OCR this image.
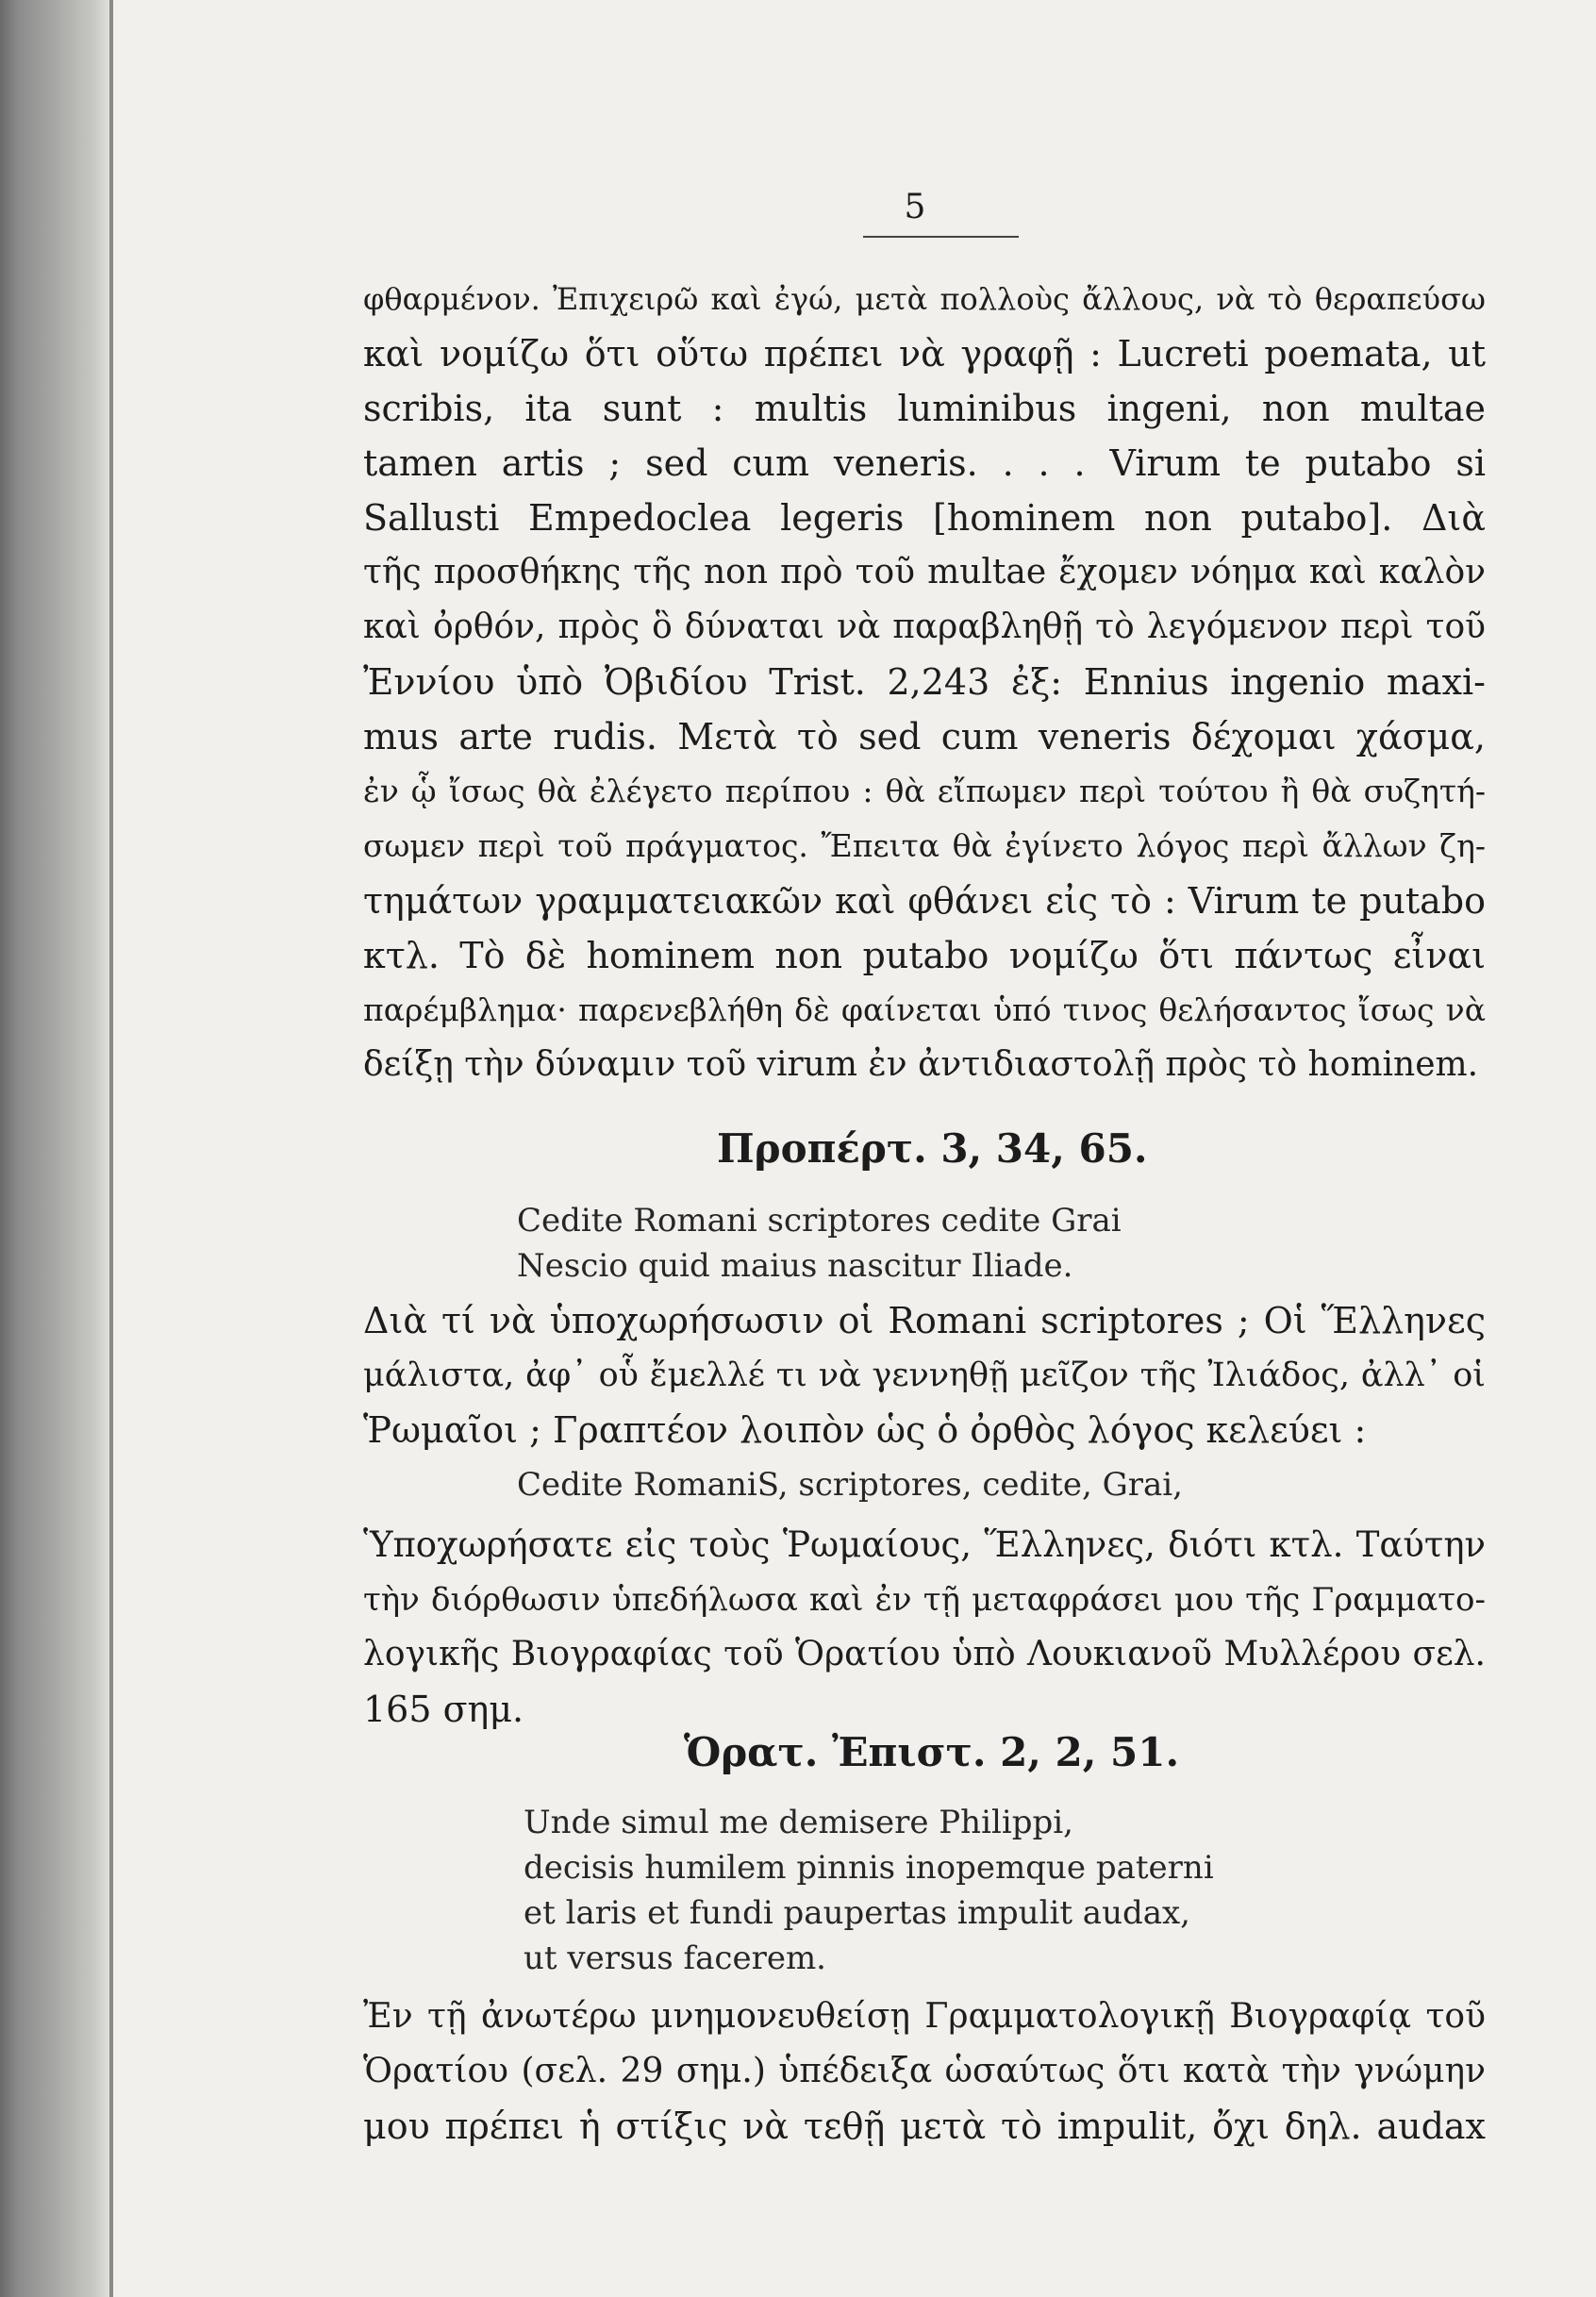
5
φθαρμένον. Ἐπιχειρῶ καὶ ἐγώ, μετὰ πολλοὺς ἄλλους, νὰ τὸ θεραπεύσω
καὶ νομίζω ὅτι οὕτω πρέπει νὰ γραφῇ : Lucreti poemata, ut
scribis, ita sunt : multis luminibus ingeni, non multae
tamen artis ; sed cum veneris. . . . Virum te putabo si
Sallusti Empedoclea legeris [hominem non putabo]. Διὰ
τῆς προσθήκης τῆς non πρὸ τοῦ multae ἔχομεν νόημα καὶ καλὸν
καὶ ὀρθόν, πρὸς ὃ δύναται νὰ παραβληθῇ τὸ λεγόμενον περὶ τοῦ
Ἐννίου ὑπὸ Ὀβιδίου Trist. 2,243 ἐξ: Ennius ingenio maxi-
mus arte rudis. Μετὰ τὸ sed cum veneris δέχομαι χάσμα,
ἐν ᾧ ἴσως θὰ ἐλέγετο περίπου : θὰ εἴπωμεν περὶ τούτου ἢ θὰ συζητή-
σωμεν περὶ τοῦ πράγματος. Ἔπειτα θὰ ἐγίνετο λόγος περὶ ἄλλων ζη-
τημάτων γραμματειακῶν καὶ φθάνει εἰς τὸ : Virum te putabo
κτλ. Τὸ δὲ hominem non putabo νομίζω ὅτι πάντως εἶναι
παρέμβλημα· παρενεβλήθη δὲ φαίνεται ὑπό τινος θελήσαντος ἴσως νὰ
δείξῃ τὴν δύναμιν τοῦ virum ἐν ἀντιδιαστολῇ πρὸς τὸ hominem.
Προπέρτ. 3, 34, 65.
Cedite Romani scriptores cedite Grai
Nescio quid maius nascitur Iliade.
Διὰ τί νὰ ὑποχωρήσωσιν οἱ Romani scriptores ; Οἱ Ἕλληνες
μάλιστα, ἀφ᾽ οὗ ἔμελλέ τι νὰ γεννηθῇ μεῖζον τῆς Ἰλιάδος, ἀλλ᾽ οἱ
Ῥωμαῖοι ; Γραπτέον λοιπὸν ὡς ὁ ὀρθὸς λόγος κελεύει :
Cedite RomaniS, scriptores, cedite, Grai,
Ὑποχωρήσατε εἰς τοὺς Ῥωμαίους, Ἕλληνες, διότι κτλ. Ταύτην
τὴν διόρθωσιν ὑπεδήλωσα καὶ ἐν τῇ μεταφράσει μου τῆς Γραμματο-
λογικῆς Βιογραφίας τοῦ Ὁρατίου ὑπὸ Λουκιανοῦ Μυλλέρου σελ.
165 σημ.
Ὁρατ. Ἐπιστ. 2, 2, 51.
Unde simul me demisere Philippi,
decisis humilem pinnis inopemque paterni
et laris et fundi paupertas impulit audax,
ut versus facerem.
Ἐν τῇ ἀνωτέρω μνημονευθείσῃ Γραμματολογικῇ Βιογραφίᾳ τοῦ
Ὁρατίου (σελ. 29 σημ.) ὑπέδειξα ὡσαύτως ὅτι κατὰ τὴν γνώμην
μου πρέπει ἡ στίξις νὰ τεθῇ μετὰ τὸ impulit, ὄχι δηλ. audax
